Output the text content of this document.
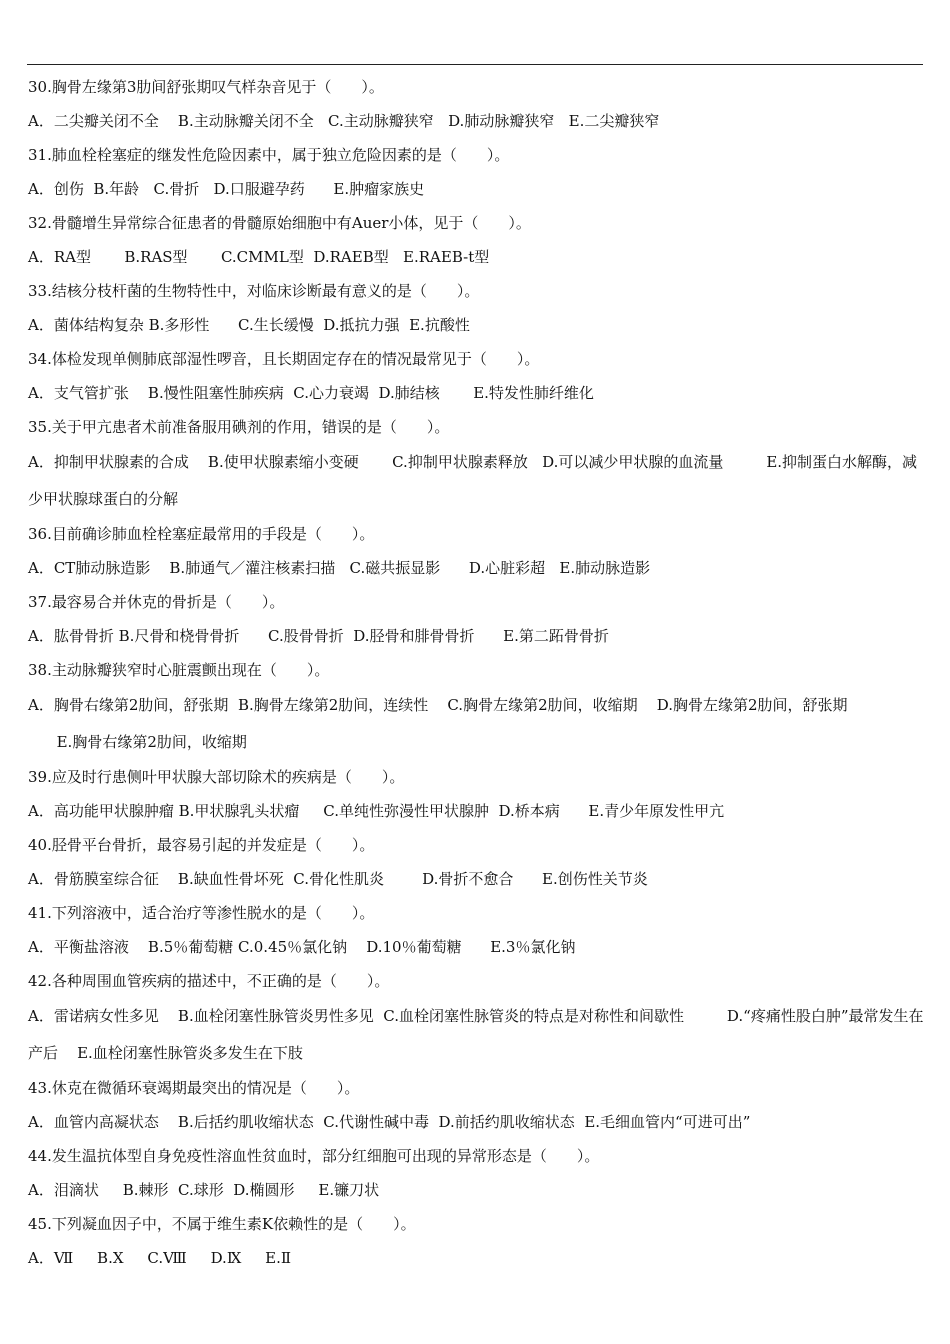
30.胸骨左缘第3肋间舒张期叹气样杂音见于（　　）。
A．二尖瓣关闭不全 B.主动脉瓣关闭不全 C.主动脉瓣狭窄 D.肺动脉瓣狭窄 E.二尖瓣狭窄
31.肺血栓栓塞症的继发性危险因素中，属于独立危险因素的是（　　）。
A．创伤 B.年龄 C.骨折 D.口服避孕药 E.肿瘤家族史
32.骨髓增生异常综合征患者的骨髓原始细胞中有Auer小体，见于（　　）。
A．RA型 B.RAS型 C.CMML型 D.RAEB型 E.RAEB-t型
33.结核分枝杆菌的生物特性中，对临床诊断最有意义的是（　　）。
A．菌体结构复杂 B.多形性 C.生长缓慢 D.抵抗力强 E.抗酸性
34.体检发现单侧肺底部湿性啰音，且长期固定存在的情况最常见于（　　）。
A．支气管扩张 B.慢性阻塞性肺疾病 C.心力衰竭 D.肺结核 E.特发性肺纤维化
35.关于甲亢患者术前准备服用碘剂的作用，错误的是（　　）。
A．抑制甲状腺素的合成 B.使甲状腺素缩小变硬 C.抑制甲状腺素释放 D.可以减少甲状腺的血流量	E.抑制蛋白水解酶，减少甲状腺球蛋白的分解
36.目前确诊肺血栓栓塞症最常用的手段是（　　）。
A．CT肺动脉造影 B.肺通气／灌注核素扫描 C.磁共振显影 D.心脏彩超 E.肺动脉造影
37.最容易合并休克的骨折是（　　）。
A．肱骨骨折 B.尺骨和桡骨骨折 C.股骨骨折 D.胫骨和腓骨骨折 E.第二跖骨骨折
38.主动脉瓣狭窄时心脏震颤出现在（　　）。
A．胸骨右缘第2肋间，舒张期 B.胸骨左缘第2肋间，连续性 C.胸骨左缘第2肋间，收缩期 D.胸骨左缘第2肋间，舒张期      E.胸骨右缘第2肋间，收缩期
39.应及时行患侧叶甲状腺大部切除术的疾病是（　　）。
A．高功能甲状腺肿瘤 B.甲状腺乳头状瘤 C.单纯性弥漫性甲状腺肿 D.桥本病 E.青少年原发性甲亢
40.胫骨平台骨折，最容易引起的并发症是（　　）。
A．骨筋膜室综合征 B.缺血性骨坏死 C.骨化性肌炎	D.骨折不愈合 E.创伤性关节炎
41.下列溶液中，适合治疗等渗性脱水的是（　　）。
A．平衡盐溶液 B.5％葡萄糖 C.0.45％氯化钠 D.10％葡萄糖 E.3％氯化钠
42.各种周围血管疾病的描述中，不正确的是（　　）。
A．雷诺病女性多见 B.血栓闭塞性脉管炎男性多见 C.血栓闭塞性脉管炎的特点是对称性和间歇性	D.“疼痛性股白肿”最常发生在产后 E.血栓闭塞性脉管炎多发生在下肢
43.休克在微循环衰竭期最突出的情况是（　　）。
A．血管内高凝状态 B.后括约肌收缩状态 C.代谢性碱中毒 D.前括约肌收缩状态 E.毛细血管内“可进可出”
44.发生温抗体型自身免疫性溶血性贫血时，部分红细胞可出现的异常形态是（　　）。
A．泪滴状 B.棘形 C.球形 D.椭圆形 E.镰刀状
45.下列凝血因子中，不属于维生素K依赖性的是（　　）。
A．Ⅶ B.Ⅹ C.Ⅷ D.Ⅸ E.Ⅱ
